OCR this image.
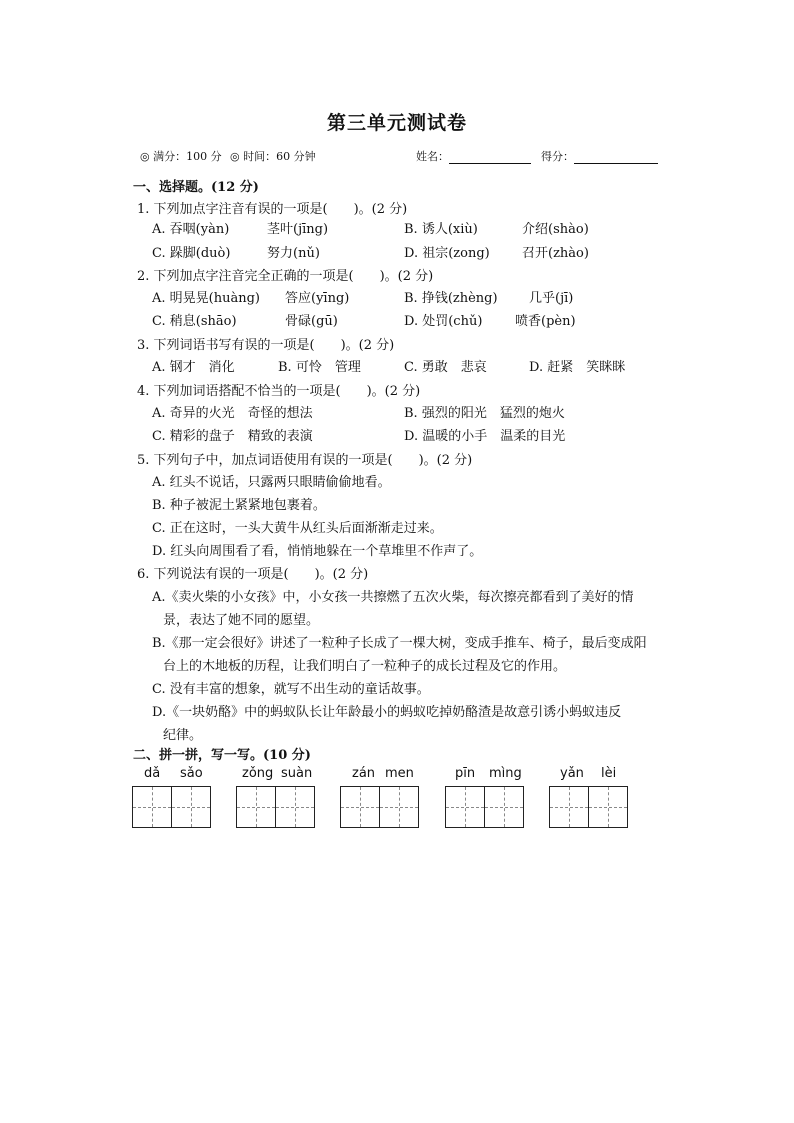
第三单元测试卷
◎ 满分：100 分 ◎ 时间：60 分钟	姓名：	得分：
一、选择题。(12 分)
1. 下列加点字注音有误的一项是(　　)。(2 分)
A. 吞咽(yàn)	茎叶(jīng)	B. 诱人(xiù)	介绍(shào)
C. 跺脚(duò)	努力(nǔ)	D. 祖宗(zong) 召开(zhào)
2. 下列加点字注音完全正确的一项是(　　)。(2 分)
A. 明晃晃(huàng) 答应(yīng)	B. 挣钱(zhèng) 几乎(jī)
C. 稍息(shāo)	骨碌(gū)	D. 处罚(chǔ)	喷香(pèn)
3. 下列词语书写有误的一项是(　　)。(2 分)
A. 钢才　消化	B. 可怜　管理	C. 勇敢　悲哀	D. 赶紧　笑眯眯
4. 下列加词语搭配不恰当的一项是(　　)。(2 分)
A. 奇异的火光　奇怪的想法	B. 强烈的阳光　猛烈的炮火
C. 精彩的盘子　精致的表演	D. 温暖的小手　温柔的目光
5. 下列句子中，加点词语使用有误的一项是(　　)。(2 分)
A. 红头不说话，只露两只眼睛偷偷地看。
B. 种子被泥土紧紧地包裹着。
C. 正在这时，一头大黄牛从红头后面渐渐走过来。
D. 红头向周围看了看，悄悄地躲在一个草堆里不作声了。
6. 下列说法有误的一项是(　　)。(2 分)
A.《卖火柴的小女孩》中，小女孩一共擦燃了五次火柴，每次擦亮都看到了美好的情
景，表达了她不同的愿望。
B.《那一定会很好》讲述了一粒种子长成了一棵大树，变成手推车、椅子，最后变成阳
台上的木地板的历程，让我们明白了一粒种子的成长过程及它的作用。
C. 没有丰富的想象，就写不出生动的童话故事。
D.《一块奶酪》中的蚂蚁队长让年龄最小的蚂蚁吃掉奶酪渣是故意引诱小蚂蚁违反
纪律。
二、拼一拼，写一写。(10 分)
dǎ sǎo	zǒng suàn	zán men	pīn mìng	yǎn lèi
